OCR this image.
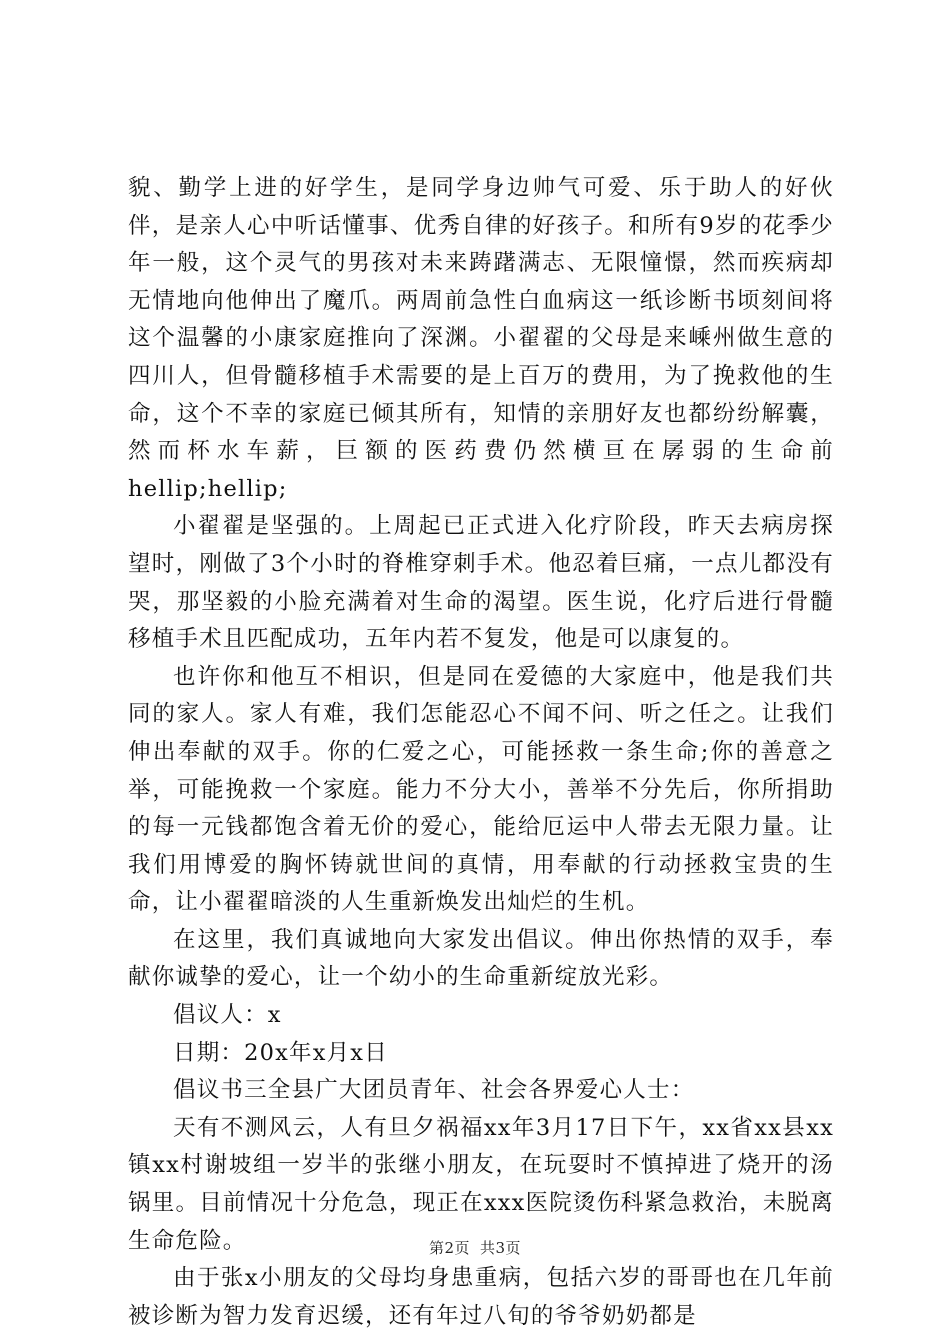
貌、勤学上进的好学生，是同学身边帅气可爱、乐于助人的好伙伴，是亲人心中听话懂事、优秀自律的好孩子。和所有9岁的花季少年一般，这个灵气的男孩对未来踌躇满志、无限憧憬，然而疾病却无情地向他伸出了魔爪。两周前急性白血病这一纸诊断书顷刻间将这个温馨的小康家庭推向了深渊。小翟翟的父母是来嵊州做生意的四川人，但骨髓移植手术需要的是上百万的费用，为了挽救他的生命，这个不幸的家庭已倾其所有，知情的亲朋好友也都纷纷解囊，然而杯水车薪，巨额的医药费仍然横亘在孱弱的生命前hellip;hellip;

小翟翟是坚强的。上周起已正式进入化疗阶段，昨天去病房探望时，刚做了3个小时的脊椎穿刺手术。他忍着巨痛，一点儿都没有哭，那坚毅的小脸充满着对生命的渴望。医生说，化疗后进行骨髓移植手术且匹配成功，五年内若不复发，他是可以康复的。

也许你和他互不相识，但是同在爱德的大家庭中，他是我们共同的家人。家人有难，我们怎能忍心不闻不问、听之任之。让我们伸出奉献的双手。你的仁爱之心，可能拯救一条生命;你的善意之举，可能挽救一个家庭。能力不分大小，善举不分先后，你所捐助的每一元钱都饱含着无价的爱心，能给厄运中人带去无限力量。让我们用博爱的胸怀铸就世间的真情，用奉献的行动拯救宝贵的生命，让小翟翟暗淡的人生重新焕发出灿烂的生机。

在这里，我们真诚地向大家发出倡议。伸出你热情的双手，奉献你诚挚的爱心，让一个幼小的生命重新绽放光彩。

倡议人：x

日期：20x年x月x日

倡议书三全县广大团员青年、社会各界爱心人士：

天有不测风云，人有旦夕祸福xx年3月17日下午，xx省xx县xx镇xx村谢坡组一岁半的张继小朋友，在玩耍时不慎掉进了烧开的汤锅里。目前情况十分危急，现正在xxx医院烫伤科紧急救治，未脱离生命危险。

由于张x小朋友的父母均身患重病，包括六岁的哥哥也在几年前被诊断为智力发育迟缓，还有年过八旬的爷爷奶奶都是

第2页 共3页
